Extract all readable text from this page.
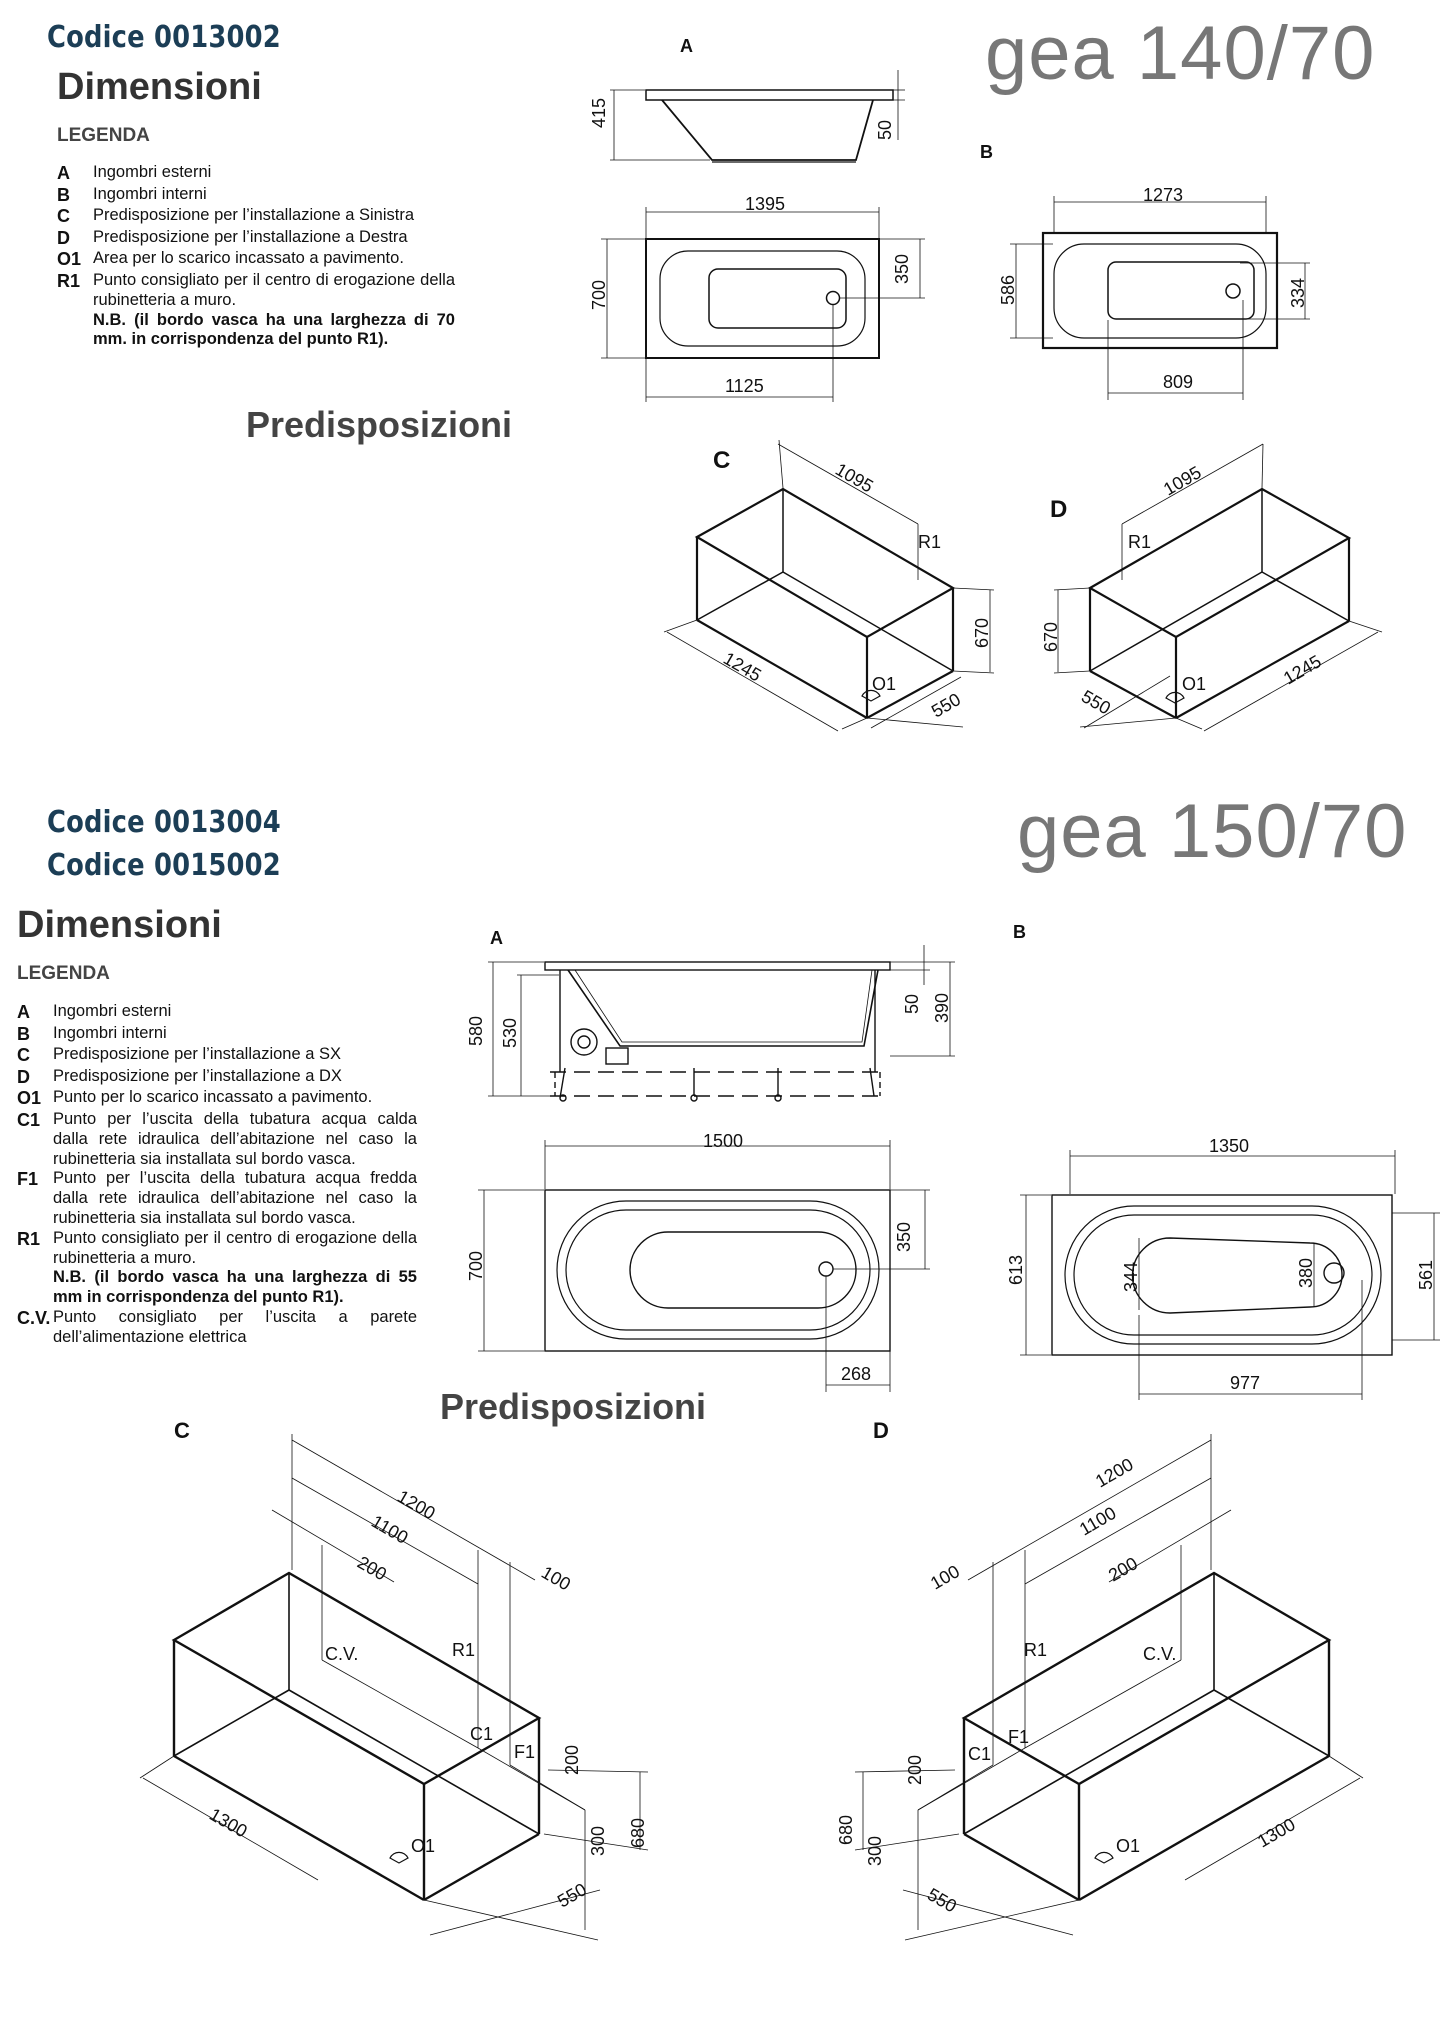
Codice 0013002
Dimensioni
LEGENDA
A	Ingombri esterni
B	Ingombri interni
C	Predisposizione per l’installazione a Sinistra
D	Predisposizione per l’installazione a Destra
O1 Area per lo scarico incassato a pavimento.
R1 Punto consigliato per il centro di erogazione della rubinetteria a muro.
N.B. (il bordo vasca ha una larghezza di 70 mm. in corrispondenza del punto R1).
gea 140/70
Predisposizioni
A
B
C
D
R1	R1
O1	O1
1395
1125
1273
809
415
50
700
350
586	334
1095
670
1245
550
1095
670
1245
550
Codice 0013004
Codice 0015002
Dimensioni
LEGENDA
A	Ingombri esterni
B	Ingombri interni
C	Predisposizione per l’installazione a SX
D	Predisposizione per l’installazione a DX
O1 Punto per lo scarico incassato a pavimento.
C1 Punto per l’uscita della tubatura acqua calda dalla rete idraulica dell’abitazione nel caso la rubinetteria sia installata sul bordo vasca.
F1 Punto per l’uscita della tubatura acqua fredda dalla rete idraulica dell’abitazione nel caso la rubinetteria sia installata sul bordo vasca.
R1 Punto consigliato per il centro di erogazione della rubinetteria a muro.
N.B. (il bordo vasca ha una larghezza di 55 mm in corrispondenza del punto R1).
C.V. Punto consigliato per l’uscita a parete dell’alimentazione elettrica
gea 150/70
Predisposizioni
A	B
C	D
1500
268
1350
977
580 530
50 390
700
350
613	344	380	561
C.V.	R1
C1
F1
O1
1200
1100
200	100
200
300 680
1300
550
C.V.
R1
C1
F1
O1
1200
1100
200
100
200
300
680	1300
550
